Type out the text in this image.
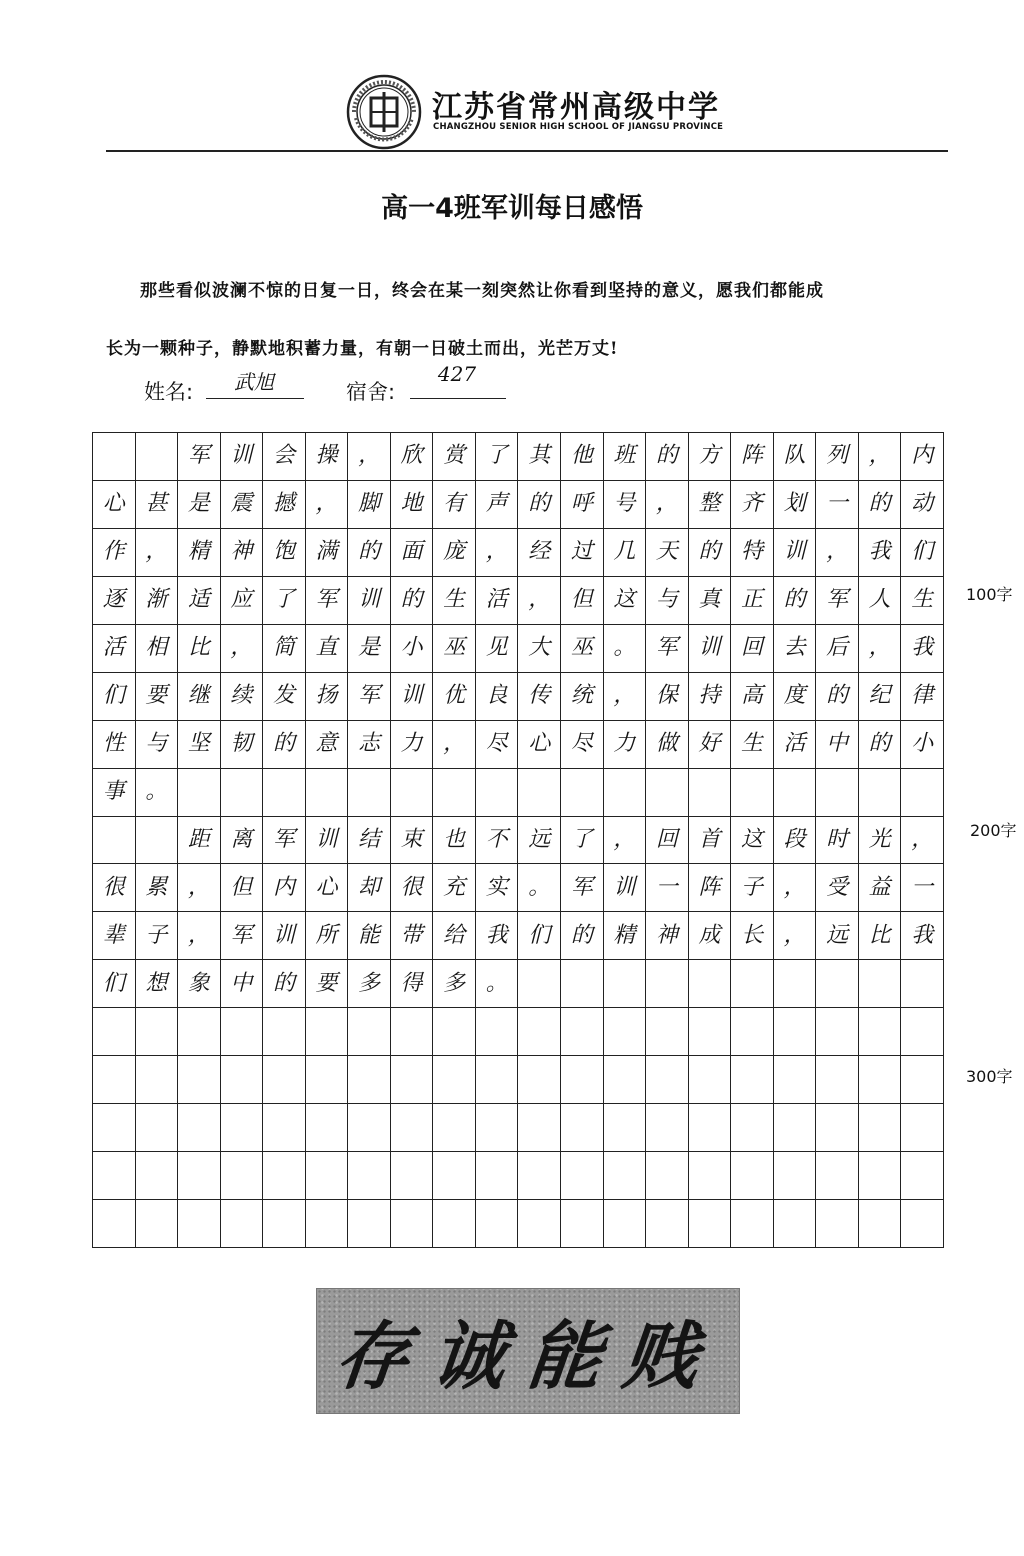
江苏省常州高级中学
CHANGZHOU SENIOR HIGH SCHOOL OF JIANGSU PROVINCE
高一4班军训每日感悟
那些看似波澜不惊的日复一日，终会在某一刻突然让你看到坚持的意义，愿我们都能成
长为一颗种子，静默地积蓄力量，有朝一日破土而出，光芒万丈!
姓名:	武旭	宿舍:
427
军 训 会 操 ， 欣 赏 了 其 他 班 的 方 阵 队 列 ， 内
心 甚 是 震 撼 ， 脚 地 有 声 的 呼 号 ， 整 齐 划 一 的 动
作 ， 精 神 饱 满 的 面 庞 ， 经 过 几 天 的 特 训 ， 我 们
逐 渐 适 应 了 军 训 的 生 活 ， 但 这 与 真 正 的 军 人 生
活 相 比 ， 简 直 是 小 巫 见 大 巫 。 军 训 回 去 后 ， 我
们 要 继 续 发 扬 军 训 优 良 传 统 ， 保 持 高 度 的 纪 律
性 与 坚 韧 的 意 志 力 ， 尽 心 尽 力 做 好 生 活 中 的 小
事 。
距 离 军 训 结 束 也 不 远 了 ， 回 首 这 段 时 光 ，
很 累 ， 但 内 心 却 很 充 实 。 军 训 一 阵 子 ， 受 益 一
辈 子 ， 军 训 所 能 带 给 我 们 的 精 神 成 长 ， 远 比 我
们 想 象 中 的 要 多 得 多 。
100字
200字
300字
存诚能贱
